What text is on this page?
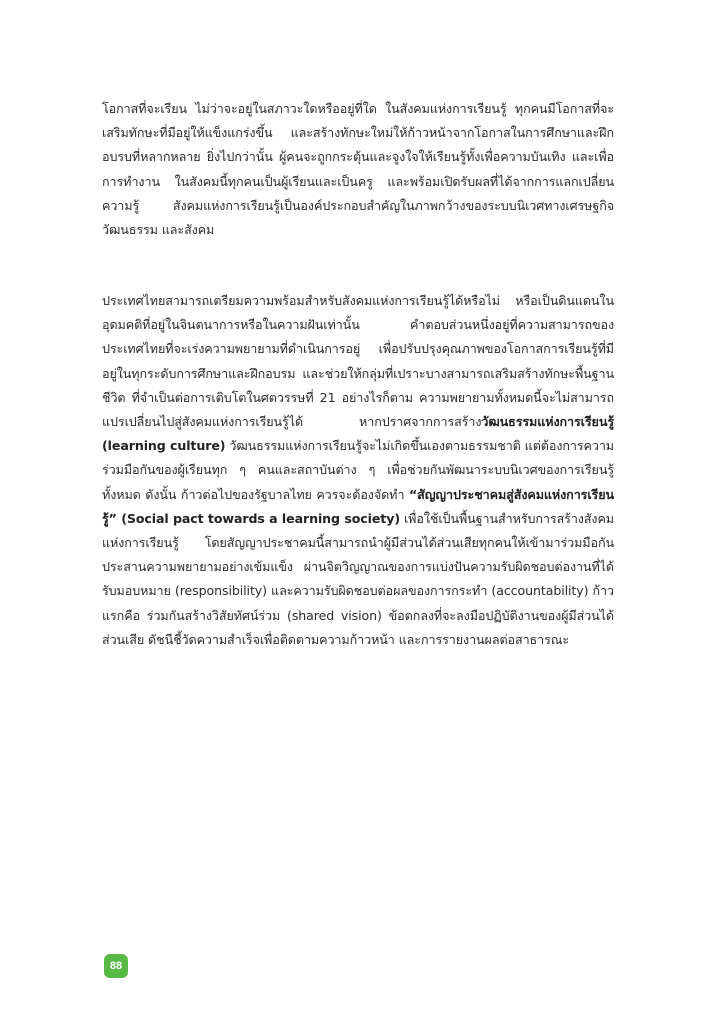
โอกาสที่จะเรียน ไม่ว่าจะอยู่ในสภาวะใดหรืออยู่ที่ใด ในสังคมแห่งการเรียนรู้ ทุกคนมีโอกาสที่จะเสริมทักษะที่มีอยู่ให้แข็งแกร่งขึ้น และสร้างทักษะใหม่ให้ก้าวหน้าจากโอกาสในการศึกษาและฝึกอบรบที่หลากหลาย ยิ่งไปกว่านั้น ผู้คนจะถูกกระตุ้นและจูงใจให้เรียนรู้ทั้งเพื่อความบันเทิง และเพื่อการทำงาน ในสังคมนี้ทุกคนเป็นผู้เรียนและเป็นครู และพร้อมเปิดรับผลที่ได้จากการแลกเปลี่ยนความรู้ สังคมแห่งการเรียนรู้เป็นองค์ประกอบสำคัญในภาพกว้างของระบบนิเวศทางเศรษฐกิจ วัฒนธรรม และสังคม

ประเทศไทยสามารถเตรียมความพร้อมสำหรับสังคมแห่งการเรียนรู้ได้หรือไม่ หรือเป็นดินแดนในอุดมคติที่อยู่ในจินตนาการหรือในความฝันเท่านั้น คำตอบส่วนหนึ่งอยู่ที่ความสามารถของประเทศไทยที่จะเร่งความพยายามที่ดำเนินการอยู่ เพื่อปรับปรุงคุณภาพของโอกาสการเรียนรู้ที่มีอยู่ในทุกระดับการศึกษาและฝึกอบรม และช่วยให้กลุ่มที่เปราะบางสามารถเสริมสร้างทักษะพื้นฐานชีวิต ที่จำเป็นต่อการเติบโตในศตวรรษที่ 21 อย่างไรก็ตาม ความพยายามทั้งหมดนี้จะไม่สามารถแปรเปลี่ยนไปสู่สังคมแห่งการเรียนรู้ได้ หากปราศจากการสร้างวัฒนธรรมแห่งการเรียนรู้ (learning culture) วัฒนธรรมแห่งการเรียนรู้จะไม่เกิดขึ้นเองตามธรรมชาติ แต่ต้องการความร่วมมือกันของผู้เรียนทุก ๆ คนและสถาบันต่าง ๆ เพื่อช่วยกันพัฒนาระบบนิเวศของการเรียนรู้ทั้งหมด ดังนั้น ก้าวต่อไปของรัฐบาลไทย ควรจะต้องจัดทำ “สัญญาประชาคมสู่สังคมแห่งการเรียนรู้” (Social pact towards a learning society) เพื่อใช้เป็นพื้นฐานสำหรับการสร้างสังคมแห่งการเรียนรู้ โดยสัญญาประชาคมนี้สามารถนำผู้มีส่วนได้ส่วนเสียทุกคนให้เข้ามาร่วมมือกันประสานความพยายามอย่างเข้มแข็ง ผ่านจิตวิญญาณของการแบ่งปันความรับผิดชอบต่องานที่ได้รับมอบหมาย (responsibility) และความรับผิดชอบต่อผลของการกระทำ (accountability) ก้าวแรกคือ ร่วมกันสร้างวิสัยทัศน์ร่วม (shared vision) ข้อตกลงที่จะลงมือปฏิบัติงานของผู้มีส่วนได้ส่วนเสีย ดัชนีชี้วัดความสำเร็จเพื่อติดตามความก้าวหน้า และการรายงานผลต่อสาธารณะ

88
